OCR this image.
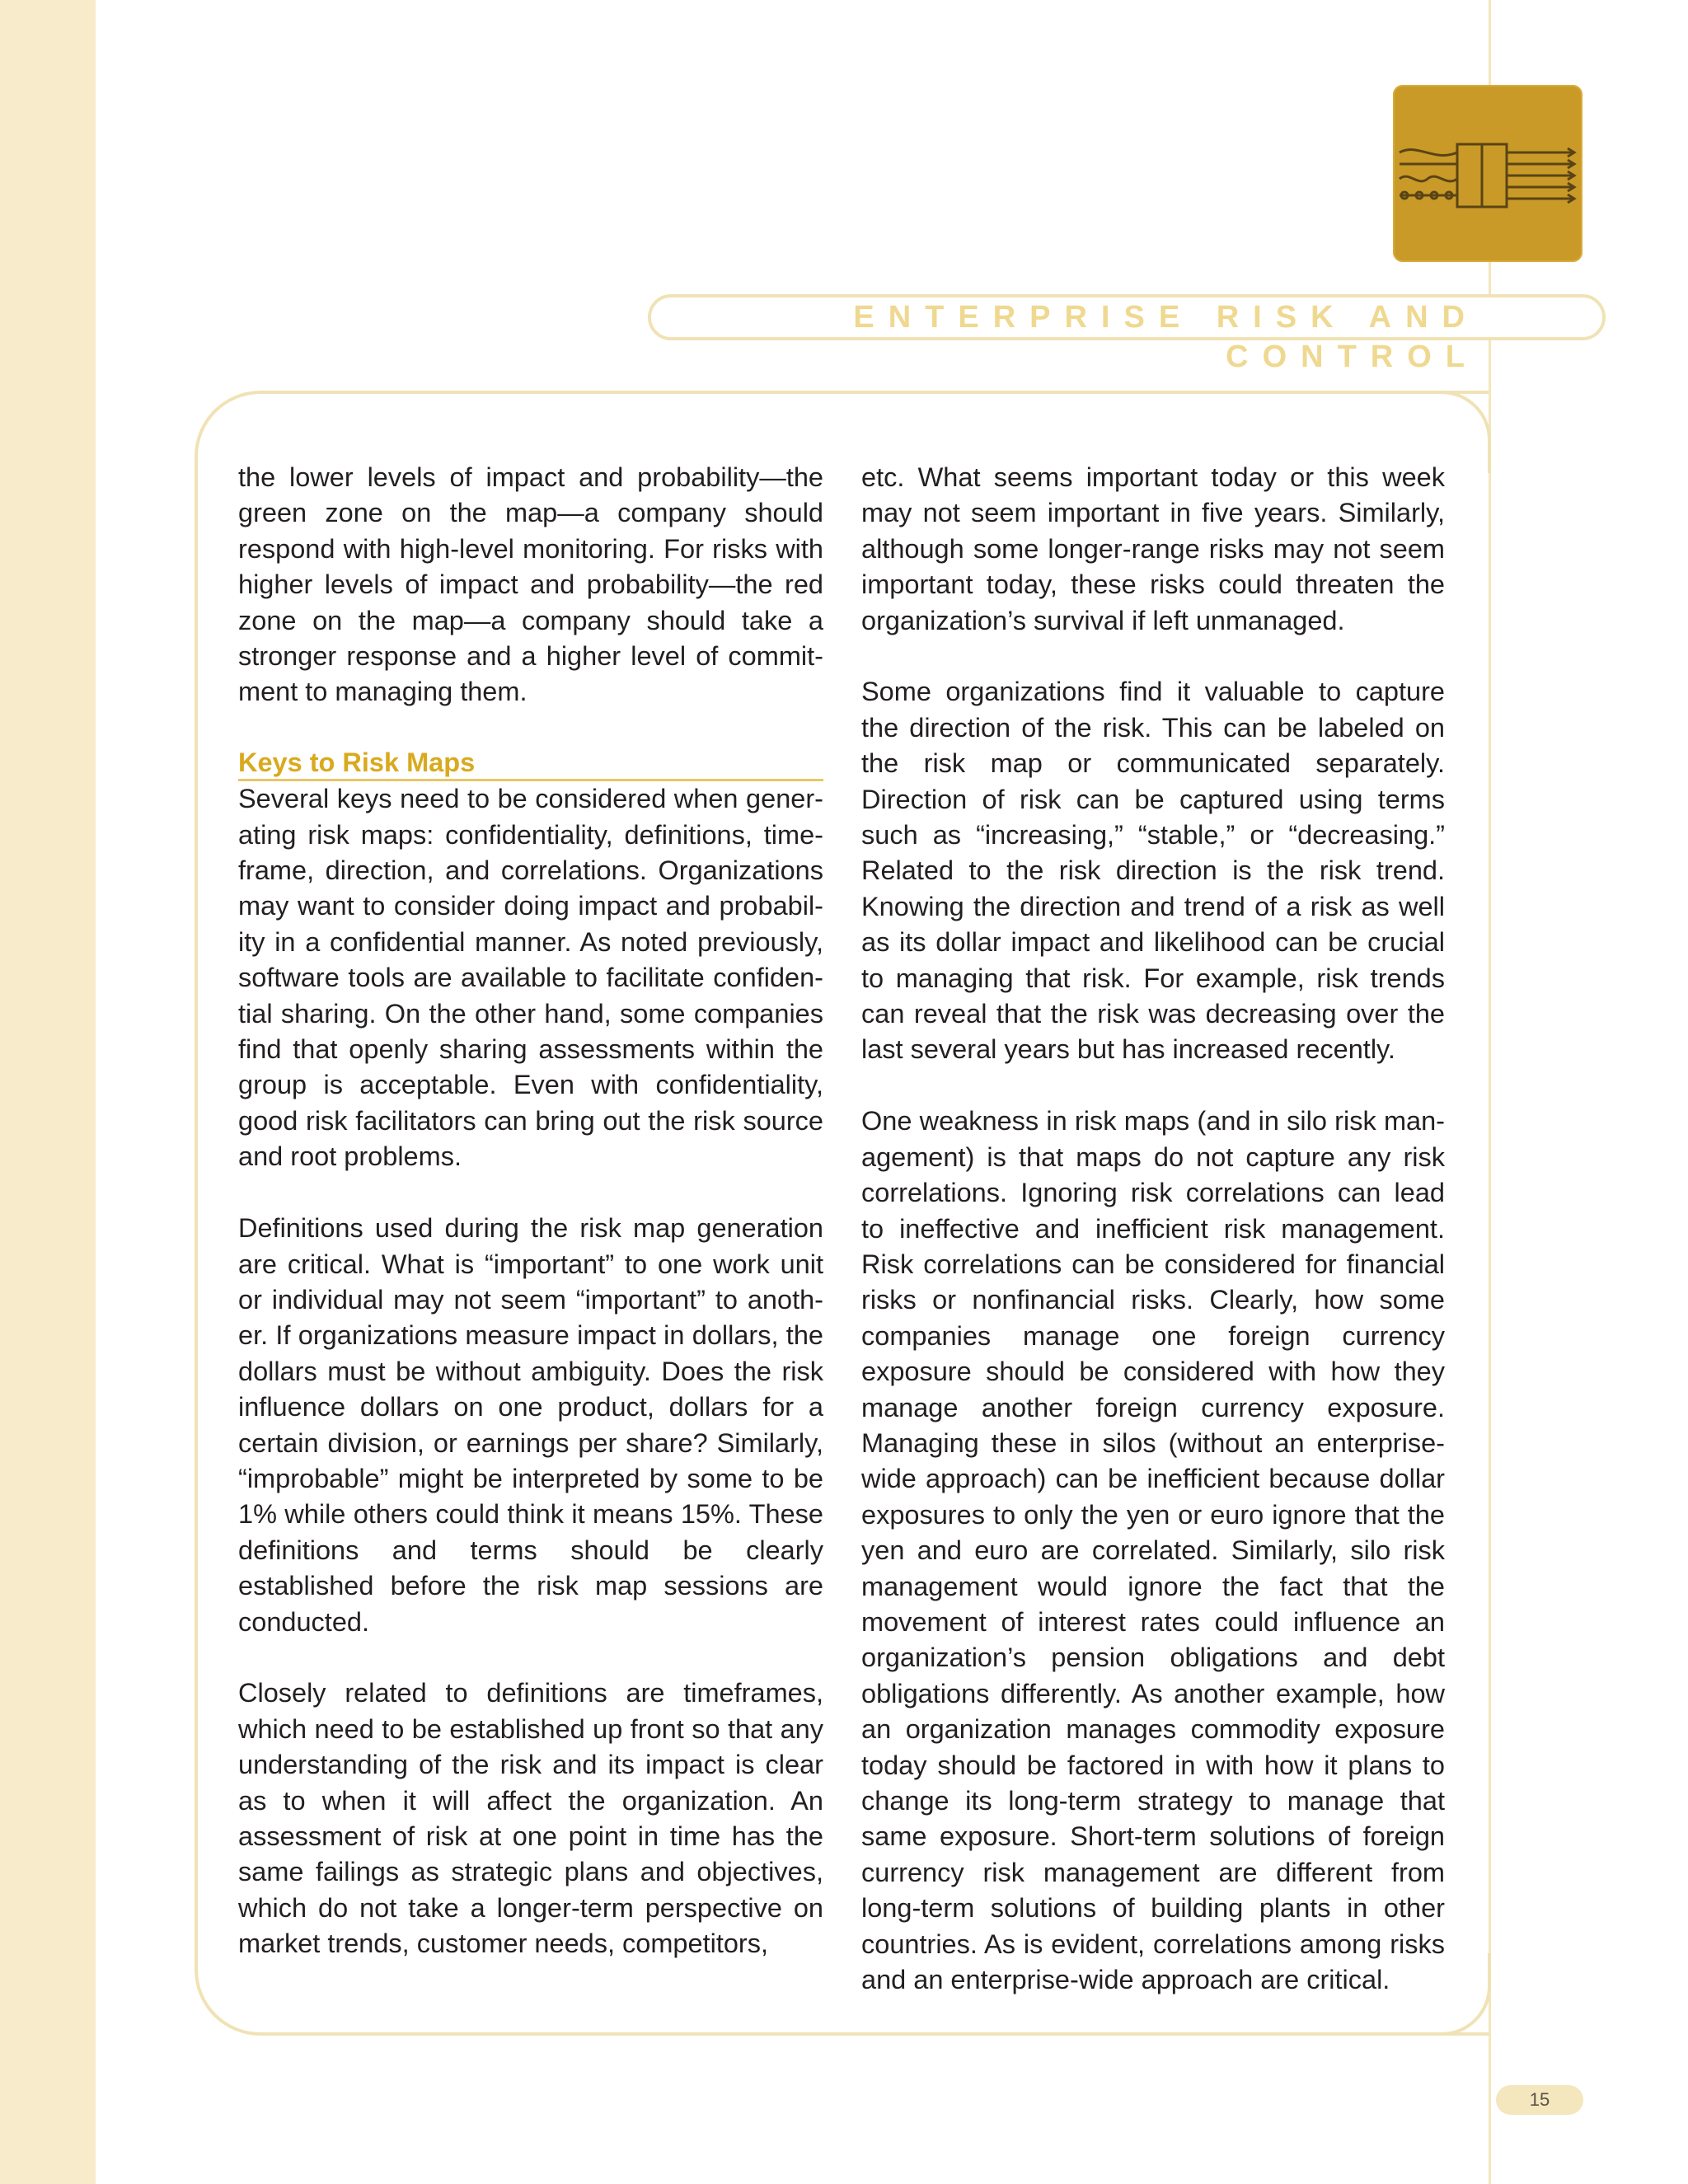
ENTERPRISE RISK AND CONTROL

the lower levels of impact and probability—the green zone on the map—a company should respond with high-level monitoring. For risks with higher levels of impact and probability—the red zone on the map—a company should take a stronger response and a higher level of commitment to managing them.

Keys to Risk Maps

Several keys need to be considered when generating risk maps: confidentiality, definitions, timeframe, direction, and correlations. Organizations may want to consider doing impact and probability in a confidential manner. As noted previously, software tools are available to facilitate confidential sharing. On the other hand, some companies find that openly sharing assessments within the group is acceptable. Even with confidentiality, good risk facilitators can bring out the risk source and root problems.

Definitions used during the risk map generation are critical. What is “important” to one work unit or individual may not seem “important” to another. If organizations measure impact in dollars, the dollars must be without ambiguity. Does the risk influence dollars on one product, dollars for a certain division, or earnings per share? Similarly, “improbable” might be interpreted by some to be 1% while others could think it means 15%. These definitions and terms should be clearly established before the risk map sessions are conducted.

Closely related to definitions are timeframes, which need to be established up front so that any understanding of the risk and its impact is clear as to when it will affect the organization. An assessment of risk at one point in time has the same failings as strategic plans and objectives, which do not take a longer-term perspective on market trends, customer needs, competitors,

etc. What seems important today or this week may not seem important in five years. Similarly, although some longer-range risks may not seem important today, these risks could threaten the organization’s survival if left unmanaged.

Some organizations find it valuable to capture the direction of the risk. This can be labeled on the risk map or communicated separately. Direction of risk can be captured using terms such as “increasing,” “stable,” or “decreasing.” Related to the risk direction is the risk trend. Knowing the direction and trend of a risk as well as its dollar impact and likelihood can be crucial to managing that risk. For example, risk trends can reveal that the risk was decreasing over the last several years but has increased recently.

One weakness in risk maps (and in silo risk management) is that maps do not capture any risk correlations. Ignoring risk correlations can lead to ineffective and inefficient risk management. Risk correlations can be considered for financial risks or nonfinancial risks. Clearly, how some companies manage one foreign currency exposure should be considered with how they manage another foreign currency exposure. Managing these in silos (without an enterprise-wide approach) can be inefficient because dollar exposures to only the yen or euro ignore that the yen and euro are correlated. Similarly, silo risk management would ignore the fact that the movement of interest rates could influence an organization’s pension obligations and debt obligations differently. As another example, how an organization manages commodity exposure today should be factored in with how it plans to change its long-term strategy to manage that same exposure. Short-term solutions of foreign currency risk management are different from long-term solutions of building plants in other countries. As is evident, correlations among risks and an enterprise-wide approach are critical.

15
